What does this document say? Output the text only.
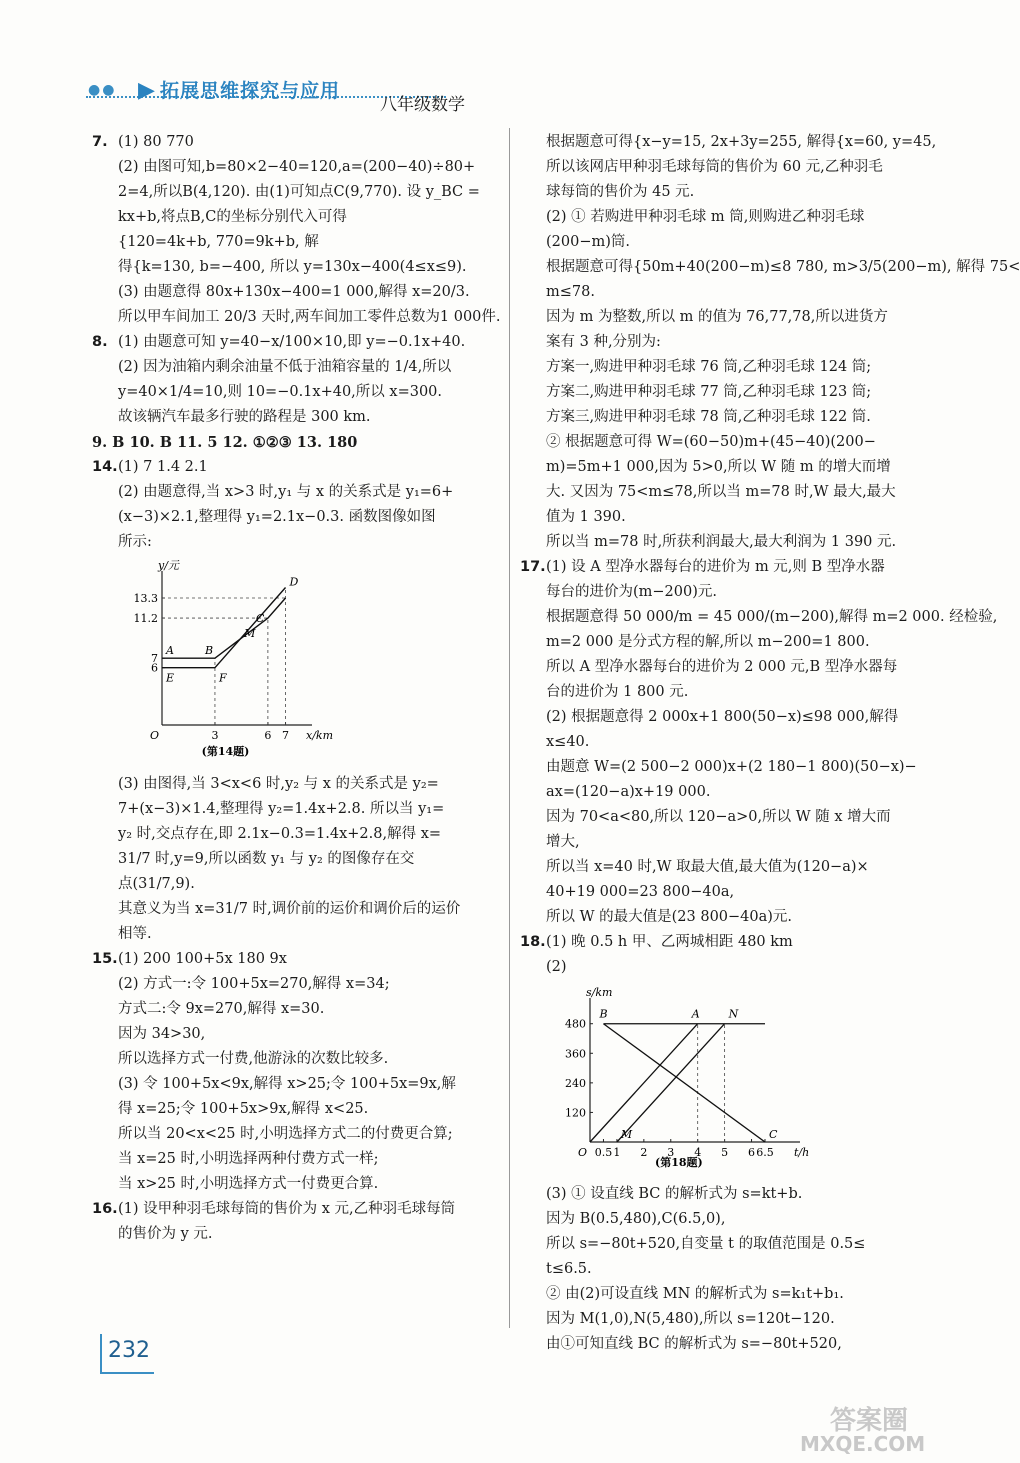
●● ▶ 拓展思维探究与应用
八年级数学

7. (1) 80 770

(2) 由图可知,b=80×2−40=120,a=(200−40)÷80+

2=4,所以B(4,120). 由(1)可知点C(9,770). 设 y_BC =

kx+b,将点B,C的坐标分别代入可得

{120=4k+b, 770=9k+b, 解

得{k=130, b=−400, 所以 y=130x−400(4≤x≤9).

(3) 由题意得 80x+130x−400=1 000,解得 x=20/3.

所以甲车间加工 20/3 天时,两车间加工零件总数为1 000件.

8. (1) 由题意可知 y=40−x/100×10,即 y=−0.1x+40.

(2) 因为油箱内剩余油量不低于油箱容量的 1/4,所以

y=40×1/4=10,则 10=−0.1x+40,所以 x=300.

故该辆汽车最多行驶的路程是 300 km.

9. B 10. B 11. 5 12. ①②③ 13. 180

14.(1) 7 1.4 2.1

(2) 由题意得,当 x>3 时,y₁ 与 x 的关系式是 y₁=6+

(x−3)×2.1,整理得 y₁=2.1x−0.3. 函数图像如图

所示:

x/km
y/元
O	3	6 7
6
7
11.2
13.3
A	B
E	F
M
C
D
(第14题)

(3) 由图得,当 3<x<6 时,y₂ 与 x 的关系式是 y₂=

7+(x−3)×1.4,整理得 y₂=1.4x+2.8. 所以当 y₁=

y₂ 时,交点存在,即 2.1x−0.3=1.4x+2.8,解得 x=

31/7 时,y=9,所以函数 y₁ 与 y₂ 的图像存在交

点(31/7,9).

其意义为当 x=31/7 时,调价前的运价和调价后的运价

相等.

15.(1) 200 100+5x 180 9x

(2) 方式一:令 100+5x=270,解得 x=34;

方式二:令 9x=270,解得 x=30.

因为 34>30,

所以选择方式一付费,他游泳的次数比较多.

(3) 令 100+5x<9x,解得 x>25;令 100+5x=9x,解

得 x=25;令 100+5x>9x,解得 x<25.

所以当 20<x<25 时,小明选择方式二的付费更合算;

当 x=25 时,小明选择两种付费方式一样;

当 x>25 时,小明选择方式一付费更合算.

16.(1) 设甲种羽毛球每筒的售价为 x 元,乙种羽毛球每筒

的售价为 y 元.

根据题意可得{x−y=15, 2x+3y=255, 解得{x=60, y=45,

所以该网店甲种羽毛球每筒的售价为 60 元,乙种羽毛

球每筒的售价为 45 元.

(2) ① 若购进甲种羽毛球 m 筒,则购进乙种羽毛球

(200−m)筒.

根据题意可得{50m+40(200−m)≤8 780, m>3/5(200−m), 解得 75<

m≤78.

因为 m 为整数,所以 m 的值为 76,77,78,所以进货方

案有 3 种,分别为:

方案一,购进甲种羽毛球 76 筒,乙种羽毛球 124 筒;

方案二,购进甲种羽毛球 77 筒,乙种羽毛球 123 筒;

方案三,购进甲种羽毛球 78 筒,乙种羽毛球 122 筒.

② 根据题意可得 W=(60−50)m+(45−40)(200−

m)=5m+1 000,因为 5>0,所以 W 随 m 的增大而增

大. 又因为 75<m≤78,所以当 m=78 时,W 最大,最大

值为 1 390.

所以当 m=78 时,所获利润最大,最大利润为 1 390 元.

17.(1) 设 A 型净水器每台的进价为 m 元,则 B 型净水器

每台的进价为(m−200)元.

根据题意得 50 000/m = 45 000/(m−200),解得 m=2 000. 经检验,

m=2 000 是分式方程的解,所以 m−200=1 800.

所以 A 型净水器每台的进价为 2 000 元,B 型净水器每

台的进价为 1 800 元.

(2) 根据题意得 2 000x+1 800(50−x)≤98 000,解得

x≤40.

由题意 W=(2 500−2 000)x+(2 180−1 800)(50−x)−

ax=(120−a)x+19 000.

因为 70<a<80,所以 120−a>0,所以 W 随 x 增大而

增大,

所以当 x=40 时,W 取最大值,最大值为(120−a)×

40+19 000=23 800−40a,

所以 W 的最大值是(23 800−40a)元.

18.(1) 晚 0.5 h 甲、乙两城相距 480 km

(2)

t/h
s/km
O 0.5 1 2 3 4 5 6 6.5
120
240
360
480
B	A	N
M	C
(第18题)

(3) ① 设直线 BC 的解析式为 s=kt+b.

因为 B(0.5,480),C(6.5,0),

所以 s=−80t+520,自变量 t 的取值范围是 0.5≤

t≤6.5.

② 由(2)可设直线 MN 的解析式为 s=k₁t+b₁.

因为 M(1,0),N(5,480),所以 s=120t−120.

由①可知直线 BC 的解析式为 s=−80t+520,

232
答案圈
MXQE.COM
